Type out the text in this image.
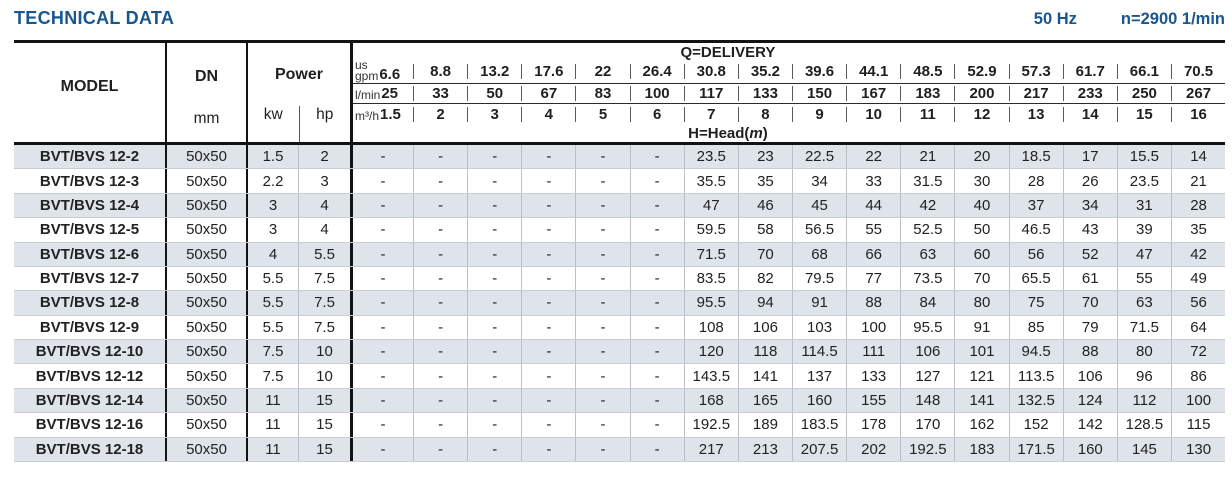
TECHNICAL DATA	50 Hz	n=2900 1/min
MODEL
DN
mm
Power
kw	hp
Q=DELIVERY
us
gpm 6.6	8.8	13.2	17.6	22	26.4	30.8	35.2	39.6	44.1	48.5	52.9	57.3	61.7	66.1	70.5
l/min 25	33	50	67	83	100	117	133	150	167	183	200	217	233	250	267
m³/h 1.5	2	3	4	5	6	7	8	9	10	11	12	13	14	15	16
H=Head(m)
BVT/BVS 12-2	50x50	1.5	2	-	-	-	-	-	-	23.5	23	22.5	22	21	20	18.5	17	15.5	14
BVT/BVS 12-3	50x50	2.2	3	-	-	-	-	-	-	35.5	35	34	33	31.5	30	28	26	23.5	21
BVT/BVS 12-4	50x50	3	4	-	-	-	-	-	-	47	46	45	44	42	40	37	34	31	28
BVT/BVS 12-5	50x50	3	4	-	-	-	-	-	-	59.5	58	56.5	55	52.5	50	46.5	43	39	35
BVT/BVS 12-6	50x50	4	5.5	-	-	-	-	-	-	71.5	70	68	66	63	60	56	52	47	42
BVT/BVS 12-7	50x50	5.5	7.5	-	-	-	-	-	-	83.5	82	79.5	77	73.5	70	65.5	61	55	49
BVT/BVS 12-8	50x50	5.5	7.5	-	-	-	-	-	-	95.5	94	91	88	84	80	75	70	63	56
BVT/BVS 12-9	50x50	5.5	7.5	-	-	-	-	-	-	108	106	103	100	95.5	91	85	79	71.5	64
BVT/BVS 12-10	50x50	7.5	10	-	-	-	-	-	-	120	118	114.5	111	106	101	94.5	88	80	72
BVT/BVS 12-12	50x50	7.5	10	-	-	-	-	-	-	143.5	141	137	133	127	121	113.5	106	96	86
BVT/BVS 12-14	50x50	11	15	-	-	-	-	-	-	168	165	160	155	148	141	132.5	124	112	100
BVT/BVS 12-16	50x50	11	15	-	-	-	-	-	-	192.5	189	183.5	178	170	162	152	142	128.5	115
BVT/BVS 12-18	50x50	11	15	-	-	-	-	-	-	217	213	207.5	202	192.5	183	171.5	160	145	130
